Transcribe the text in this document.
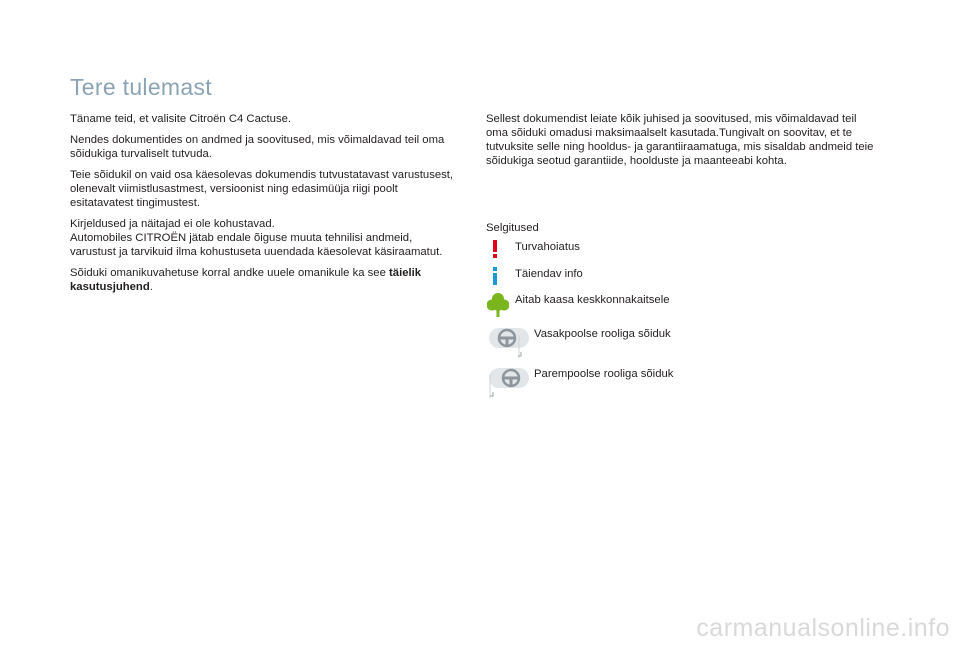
Tere tulemast

Täname teid, et valisite Citroën C4 Cactuse.

Nendes dokumentides on andmed ja soovitused, mis võimaldavad teil oma sõidukiga turvaliselt tutvuda.

Teie sõidukil on vaid osa käesolevas dokumendis tutvustatavast varustusest, olenevalt viimistlusastmest, versioonist ning edasimüüja riigi poolt esitatavatest tingimustest.

Kirjeldused ja näitajad ei ole kohustavad.
Automobiles CITROËN jätab endale õiguse muuta tehnilisi andmeid, varustust ja tarvikuid ilma kohustuseta uuendada käesolevat käsiraamatut.

Sõiduki omanikuvahetuse korral andke uuele omanikule ka see täielik kasutusjuhend.

Sellest dokumendist leiate kõik juhised ja soovitused, mis võimaldavad teil oma sõiduki omadusi maksimaalselt kasutada.Tungivalt on soovitav, et te tutvuksite selle ning hooldus- ja garantiiraamatuga, mis sisaldab andmeid teie sõidukiga seotud garantiide, hoolduste ja maanteeabi kohta.

Selgitused
Turvahoiatus
Täiendav info
Aitab kaasa keskkonnakaitsele
Vasakpoolse rooliga sõiduk
Parempoolse rooliga sõiduk
carmanualsonline.info
